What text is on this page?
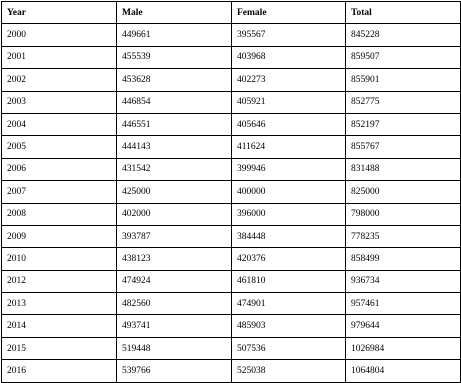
Year	Male	Female	Total
2000	449661	395567	845228
2001	455539	403968	859507
2002	453628	402273	855901
2003	446854	405921	852775
2004	446551	405646	852197
2005	444143	411624	855767
2006	431542	399946	831488
2007	425000	400000	825000
2008	402000	396000	798000
2009	393787	384448	778235
2010	438123	420376	858499
2012	474924	461810	936734
2013	482560	474901	957461
2014	493741	485903	979644
2015	519448	507536	1026984
2016	539766	525038	1064804
